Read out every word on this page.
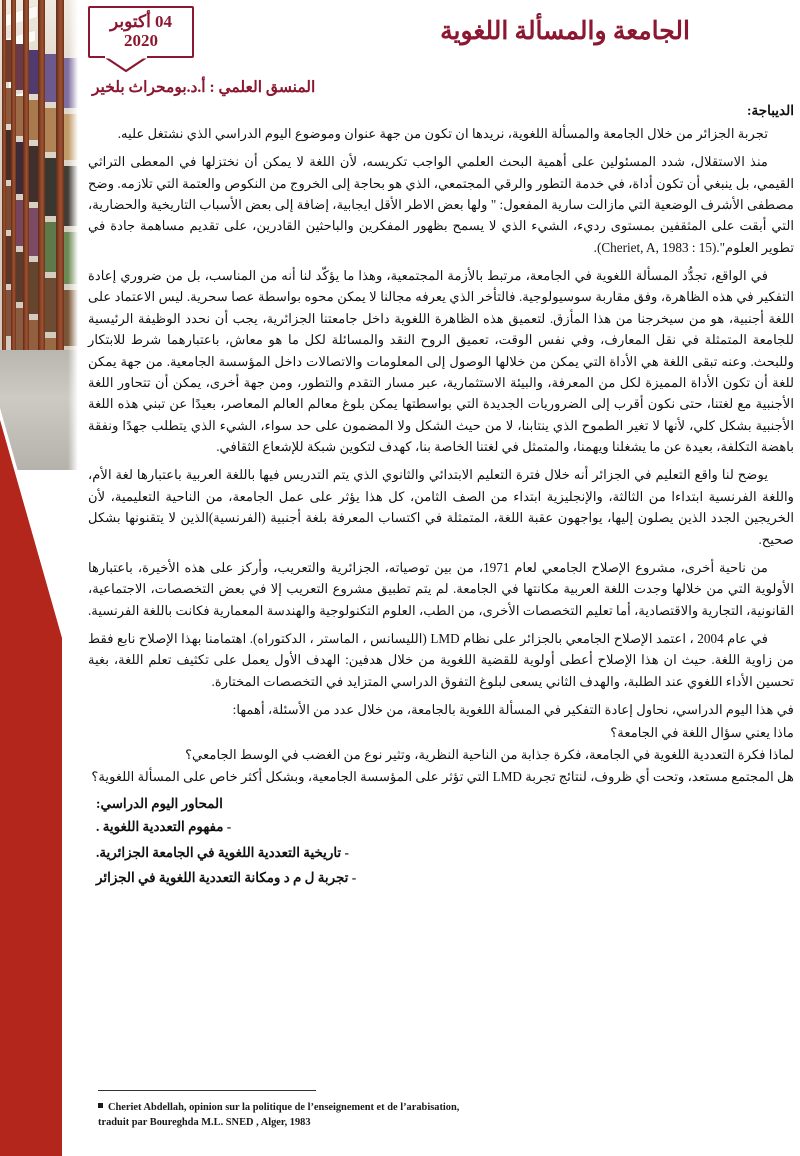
04 أكتوبر 2020	الجامعة والمسألة اللغوية
المنسق العلمي : أ.د.بومحراث بلخير
الديباجة:

تجربة الجزائر من خلال الجامعة والمسألة اللغوية، نريدها ان تكون من جهة عنوان وموضوع اليوم الدراسي الذي نشتغل عليه.

منذ الاستقلال، شدد المسئولين على أهمية البحث العلمي الواجب تكريسه، لأن اللغة لا يمكن أن نختزلها في المعطى التراثي القيمي، بل ينبغي أن تكون أداة، في خدمة التطور والرقي المجتمعي، الذي هو بحاجة إلى الخروج من النكوص والعتمة التي تلازمه. وضح مصطفى الأشرف الوضعية التي مازالت سارية المفعول: " ولها بعض الاطر الأقل ايجابية، إضافة إلى بعض الأسباب التاريخية والحضارية، التي أبقت على المثقفين بمستوى رديء، الشيء الذي لا يسمح بظهور المفكرين والباحثين القادرين، على تقديم مساهمة جادة في تطوير العلوم".(Cheriet, A, 1983 : 15).

في الواقع، تجدُّد المسألة اللغوية في الجامعة، مرتبط بالأزمة المجتمعية، وهذا ما يؤكّد لنا أنه من المناسب، بل من ضروري إعادة التفكير في هذه الظاهرة، وفق مقاربة سوسيولوجية. فالتأخر الذي يعرفه مجالنا لا يمكن محوه بواسطة عصا سحرية. ليس الاعتماد على اللغة أجنبية، هو من سيخرجنا من هذا المأزق. لتعميق هذه الظاهرة اللغوية داخل جامعتنا الجزائرية، يجب أن نحدد الوظيفة الرئيسية للجامعة المتمثلة في نقل المعارف، وفي نفس الوقت، تعميق الروح النقد والمسائلة لكل ما هو معاش، باعتبارهما شرط للابتكار وللبحث. وعنه تبقى اللغة هي الأداة التي يمكن من خلالها الوصول إلى المعلومات والاتصالات داخل المؤسسة الجامعية. من جهة يمكن للغة أن تكون الأداة المميزة لكل من المعرفة، والبيئة الاستثمارية، عبر مسار التقدم والتطور، ومن جهة أخرى، يمكن أن تتحاور اللغة الأجنبية مع لغتنا، حتى نكون أقرب إلى الضروريات الجديدة التي بواسطتها يمكن بلوغ معالم العالم المعاصر، بعيدًا عن تبني هذه اللغة الأجنبية بشكل كلي، لأنها لا تغير الطموح الذي ينتابنا، لا من حيث الشكل ولا المضمون على حد سواء، الشيء الذي يتطلب جهدًا ونفقة باهضة التكلفة، بعيدة عن ما يشغلنا ويهمنا، والمتمثل في لغتنا الخاصة بنا، كهدف لتكوين شبكة للإشعاع الثقافي.

يوضح لنا واقع التعليم في الجزائر أنه خلال فترة التعليم الابتدائي والثانوي الذي يتم التدريس فيها باللغة العربية باعتبارها لغة الأم، واللغة الفرنسية ابتداءا من الثالثة، والإنجليزية ابتداء من الصف الثامن، كل هذا يؤثر على عمل الجامعة، من الناحية التعليمية، لأن الخريجين الجدد الذين يصلون إليها، يواجهون عقبة اللغة، المتمثلة في اكتساب المعرفة بلغة أجنبية (الفرنسية)الذين لا يتقنونها بشكل صحيح.

من ناحية أخرى، مشروع الإصلاح الجامعي لعام 1971، من بين توصياته، الجزائرية والتعريب، وأركز على هذه الأخيرة، باعتبارها الأولوية التي من خلالها وجدت اللغة العربية مكانتها في الجامعة. لم يتم تطبيق مشروع التعريب إلا في بعض التخصصات، الاجتماعية، القانونية، التجارية والاقتصادية، أما تعليم التخصصات الأخرى، من الطب، العلوم التكنولوجية والهندسة المعمارية فكانت باللغة الفرنسية.

في عام 2004 ، اعتمد الإصلاح الجامعي بالجزائر على نظام LMD (الليسانس ، الماستر ، الدكتوراه). اهتمامنا بهذا الإصلاح نابع فقط من زاوية اللغة. حيث ان هذا الإصلاح أعطى أولوية للقضية اللغوية من خلال هدفين: الهدف الأول يعمل على تكثيف تعلم اللغة، بغية تحسين الأداء اللغوي عند الطلبة، والهدف الثاني يسعى لبلوغ التفوق الدراسي المتزايد في التخصصات المختارة.

في هذا اليوم الدراسي، نحاول إعادة التفكير في المسألة اللغوية بالجامعة، من خلال عدد من الأسئلة، أهمها:

ماذا يعني سؤال اللغة في الجامعة؟

لماذا فكرة التعددية اللغوية في الجامعة، فكرة جذابة من الناحية النظرية، وتثير نوع من الغضب في الوسط الجامعي؟

هل المجتمع مستعد، وتحت أي ظروف، لنتائج تجربة LMD التي تؤثر على المؤسسة الجامعية، وبشكل أكثر خاص على المسألة اللغوية؟

المحاور اليوم الدراسي:
- مفهوم التعددية اللغوية .
- تاريخية التعددية اللغوية في الجامعة الجزائرية.
- تجربة ل م د ومكانة التعددية اللغوية في الجزائر
Cheriet Abdellah, opinion sur la politique de l’enseignement et de l’arabisation,
traduit par Boureghda M.L. SNED , Alger, 1983
